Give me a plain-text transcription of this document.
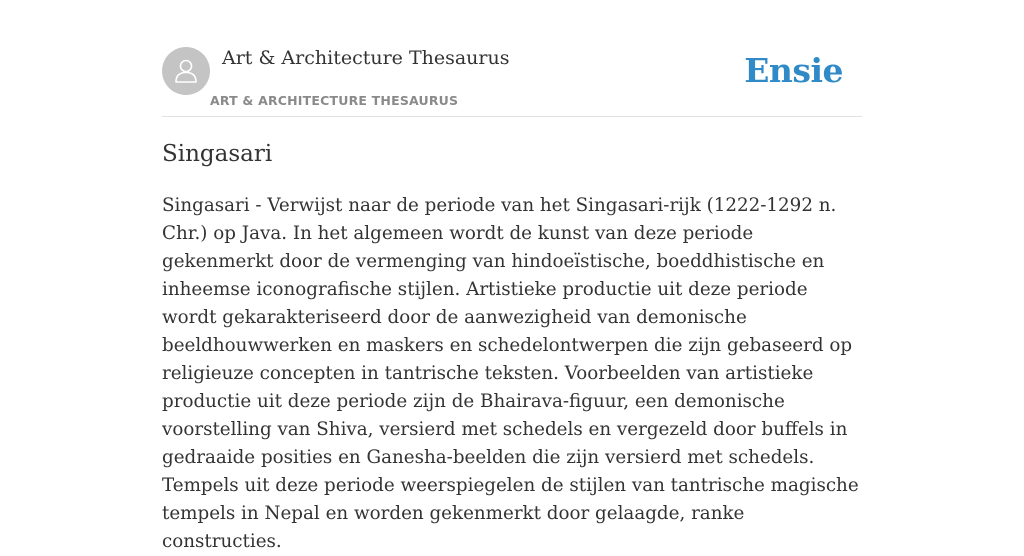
Art & Architecture Thesaurus
ART & ARCHITECTURE THESAURUS
Ensie
Singasari

Singasari - Verwijst naar de periode van het Singasari-rijk (1222-1292 n. Chr.) op Java. In het algemeen wordt de kunst van deze periode gekenmerkt door de vermenging van hindoeïstische, boeddhistische en inheemse iconografische stijlen. Artistieke productie uit deze periode wordt gekarakteriseerd door de aanwezigheid van demonische beeldhouwwerken en maskers en schedelontwerpen die zijn gebaseerd op religieuze concepten in tantrische teksten. Voorbeelden van artistieke productie uit deze periode zijn de Bhairava-figuur, een demonische voorstelling van Shiva, versierd met schedels en vergezeld door buffels in gedraaide posities en Ganesha-beelden die zijn versierd met schedels. Tempels uit deze periode weerspiegelen de stijlen van tantrische magische tempels in Nepal en worden gekenmerkt door gelaagde, ranke constructies.
